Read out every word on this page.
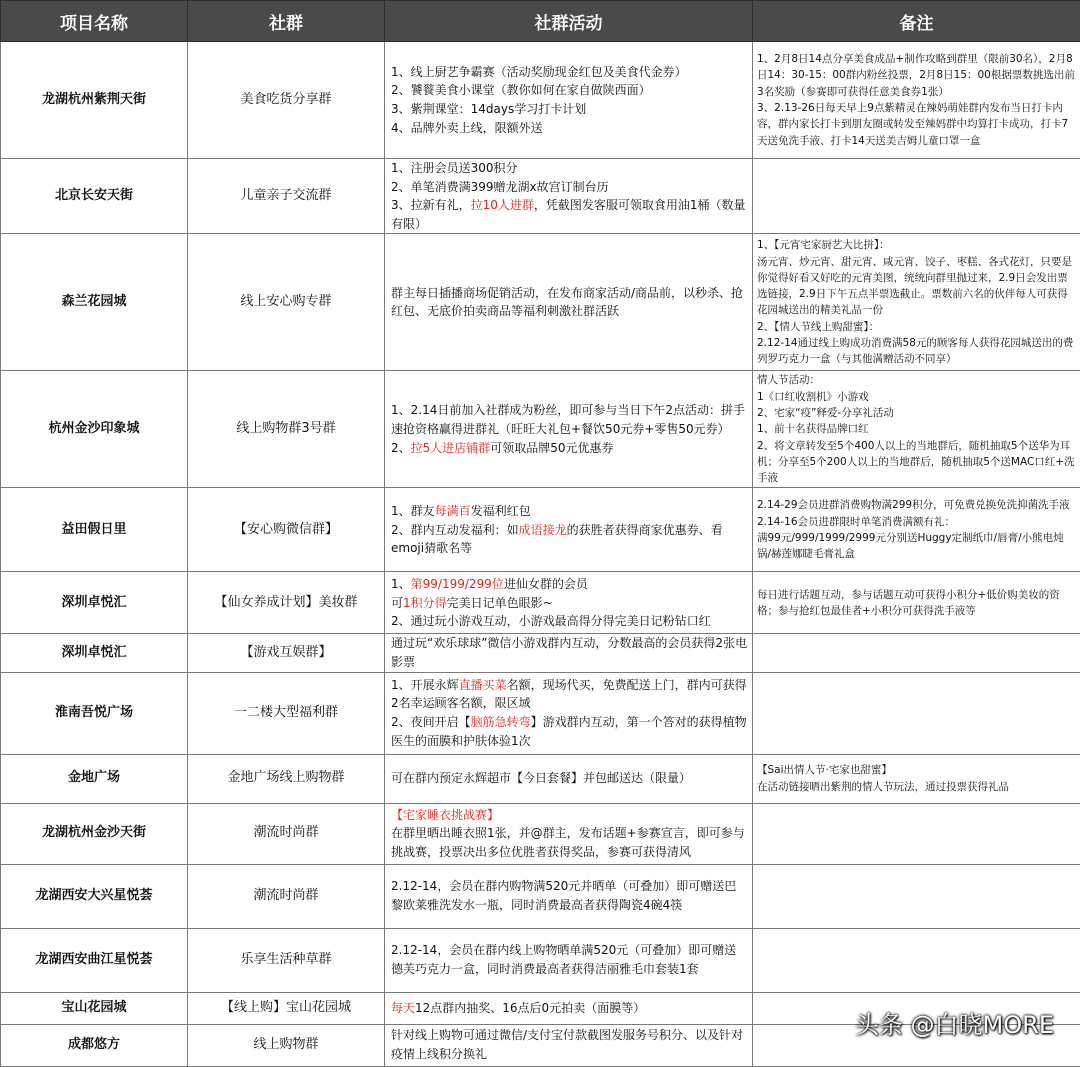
项目名称	社群	社群活动	备注
龙湖杭州紫荆天街	美食吃货分享群	1、线上厨艺争霸赛（活动奖励现金红包及美食代金券）
2、饕餮美食小课堂（教你如何在家自做陕西面）
3、紫荆课堂：14days学习打卡计划
4、品牌外卖上线，限额外送	1、2月8日14点分享美食成品+制作攻略到群里（限前30名），2月8日14：30-15：00群内粉丝投票，2月8日15：00根据票数挑选出前3名奖励（参赛即可获得任意美食券1张）
3、2.13-26日每天早上9点紫精灵在辣妈萌娃群内发布当日打卡内容，群内家长打卡到朋友圈或转发至辣妈群中均算打卡成功，打卡7天送免洗手液、打卡14天送美吉姆儿童口罩一盒

北京长安天街	儿童亲子交流群	1、注册会员送300积分
2、单笔消费满399赠龙湖x故宫订制台历
3、拉新有礼，拉10人进群，凭截图发客服可领取食用油1桶（数量有限）	
森兰花园城	线上安心购专群	群主每日插播商场促销活动，在发布商家活动/商品前，以秒杀、抢红包、无底价拍卖商品等福利刺激社群活跃	1、【元宵宅家厨艺大比拼】：
汤元宵、炒元宵、甜元宵、咸元宵、饺子、枣糕、各式花灯，只要是你觉得好看又好吃的元宵美图，统统向群里抛过来，2.9日会发出票选链接，2.9日下午五点半票选截止。票数前六名的伙伴每人可获得花园城送出的精美礼品一份
2、【情人节线上购甜蜜】：
2.12-14通过线上购成功消费满58元的顾客每人获得花园城送出的费列罗巧克力一盒（与其他满赠活动不同享）

杭州金沙印象城	线上购物群3号群	1、2.14日前加入社群成为粉丝，即可参与当日下午2点活动：拼手速抢资格赢得进群礼（旺旺大礼包+餐饮50元券+零售50元券）
2、拉5人进店铺群可领取品牌50元优惠券	情人节活动：
1《口红收割机》小游戏
2、宅家“疫”释爱-分享礼活动
1、前十名获得品牌口红
2、将文章转发至5个400人以上的当地群后，随机抽取5个送华为耳机；分享至5个200人以上的当地群后，随机抽取5个送MAC口红+洗手液

益田假日里	【安心购微信群】	1、群友每满百发福利红包
2、群内互动发福利：如成语接龙的获胜者获得商家优惠券、看emoji猜歌名等	2.14-29会员进群消费购物满299积分，可免费兑换免洗抑菌洗手液
2.14-16会员进群限时单笔消费满额有礼：
满99元/999/1999/2999元分别送Huggy定制纸巾/唇膏/小熊电炖锅/赫莲娜睫毛膏礼盒

深圳卓悦汇	【仙女养成计划】美妆群	1、第99/199/299位进仙女群的会员
可1积分得完美日记单色眼影~
2、通过玩小游戏互动，小游戏最高得分得完美日记粉钻口红	每日进行话题互动，参与话题互动可获得小积分+低价购美妆的资格；参与抢红包最佳者+小积分可获得洗手液等

深圳卓悦汇	【游戏互娱群】	通过玩“欢乐球球”微信小游戏群内互动，分数最高的会员获得2张电影票	

淮南吾悦广场	一二楼大型福利群	1、开展永辉直播买菜名额，现场代买，免费配送上门，群内可获得2名幸运顾客名额，限区域
2、夜间开启【脑筋急转弯】游戏群内互动，第一个答对的获得植物医生的面膜和护肤体验1次	

金地广场	金地广场线上购物群	可在群内预定永辉超市【今日套餐】并包邮送达（限量）	【Sai出情人节·宅家也甜蜜】
在活动链接晒出紫荆的情人节玩法，通过投票获得礼品

龙湖杭州金沙天街	潮流时尚群	【宅家睡衣挑战赛】
在群里晒出睡衣照1张，并@群主，发布话题+参赛宣言，即可参与挑战赛，投票决出多位优胜者获得奖品，参赛可获得清风	

龙湖西安大兴星悦荟	潮流时尚群	2.12-14，会员在群内购物满520元并晒单（可叠加）即可赠送巴黎欧莱雅洗发水一瓶，同时消费最高者获得陶瓷4碗4筷	

龙湖西安曲江星悦荟	乐享生活种草群	2.12-14，会员在群内线上购物晒单满520元（可叠加）即可赠送德芙巧克力一盒，同时消费最高者获得洁丽雅毛巾套装1套	

宝山花园城	【线上购】宝山花园城	每天12点群内抽奖、16点后0元拍卖（面膜等）	
成都悠方	线上购物群	针对线上购物可通过微信/支付宝付款截图发服务号积分、以及针对疫情上线积分换礼	

头条 @白晓MORE
